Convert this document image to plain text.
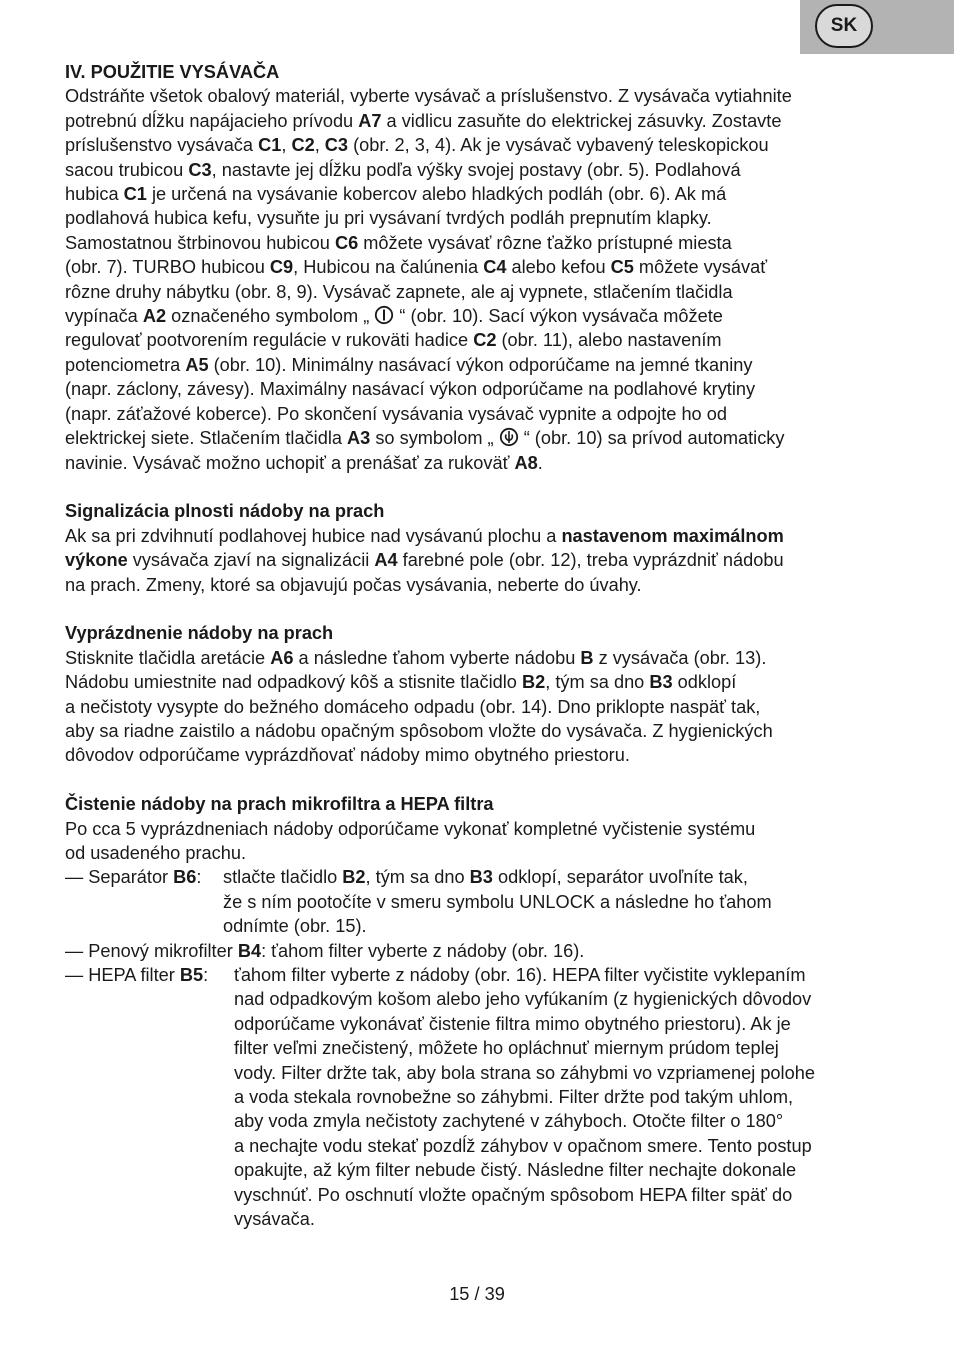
SK

IV. POUŽITIE VYSÁVAČA

Odstráňte všetok obalový materiál, vyberte vysávač a príslušenstvo. Z vysávača vytiahnite

potrebnú dĺžku napájacieho prívodu A7 a vidlicu zasuňte do elektrickej zásuvky. Zostavte

príslušenstvo vysávača C1, C2, C3 (obr. 2, 3, 4). Ak je vysávač vybavený teleskopickou

sacou trubicou C3, nastavte jej dĺžku podľa výšky svojej postavy (obr. 5). Podlahová

hubica C1 je určená na vysávanie kobercov alebo hladkých podláh (obr. 6). Ak má

podlahová hubica kefu, vysuňte ju pri vysávaní tvrdých podláh prepnutím klapky.

Samostatnou štrbinovou hubicou C6 môžete vysávať rôzne ťažko prístupné miesta

(obr. 7). TURBO hubicou C9, Hubicou na čalúnenia C4 alebo kefou C5 môžete vysávať

rôzne druhy nábytku (obr. 8, 9). Vysávač zapnete, ale aj vypnete, stlačením tlačidla

vypínača A2 označeného symbolom „  “ (obr. 10). Sací výkon vysávača môžete

regulovať pootvorením regulácie v rukoväti hadice C2 (obr. 11), alebo nastavením

potenciometra A5 (obr. 10). Minimálny nasávací výkon odporúčame na jemné tkaniny

(napr. záclony, závesy). Maximálny nasávací výkon odporúčame na podlahové krytiny

(napr. záťažové koberce). Po skončení vysávania vysávač vypnite a odpojte ho od

elektrickej siete. Stlačením tlačidla A3 so symbolom „  “ (obr. 10) sa prívod automaticky

navinie. Vysávač možno uchopiť a prenášať za rukoväť A8.

Signalizácia plnosti nádoby na prach

Ak sa pri zdvihnutí podlahovej hubice nad vysávanú plochu a nastavenom maximálnom

výkone vysávača zjaví na signalizácii A4 farebné pole (obr. 12), treba vyprázdniť nádobu

na prach. Zmeny, ktoré sa objavujú počas vysávania, neberte do úvahy.

Vyprázdnenie nádoby na prach

Stisknite tlačidla aretácie A6 a následne ťahom vyberte nádobu B z vysávača (obr. 13).

Nádobu umiestnite nad odpadkový kôš a stisnite tlačidlo B2, tým sa dno B3 odklopí

a nečistoty vysypte do bežného domáceho odpadu (obr. 14). Dno priklopte naspäť tak,

aby sa riadne zaistilo a nádobu opačným spôsobom vložte do vysávača. Z hygienických

dôvodov odporúčame vyprázdňovať nádoby mimo obytného priestoru.

Čistenie nádoby na prach mikrofiltra a HEPA filtra

Po cca 5 vyprázdneniach nádoby odporúčame vykonať kompletné vyčistenie systému

od usadeného prachu.

— Separátor B6: stlačte tlačidlo B2, tým sa dno B3 odklopí, separátor uvoľníte tak,

že s ním pootočíte v smeru symbolu UNLOCK a následne ho ťahom

odnímte (obr. 15).

— Penový mikrofilter B4: ťahom filter vyberte z nádoby (obr. 16).

— HEPA filter B5:	ťahom filter vyberte z nádoby (obr. 16). HEPA filter vyčistite vyklepaním

nad odpadkovým košom alebo jeho vyfúkaním (z hygienických dôvodov

odporúčame vykonávať čistenie filtra mimo obytného priestoru). Ak je

filter veľmi znečistený, môžete ho opláchnuť miernym prúdom teplej

vody. Filter držte tak, aby bola strana so záhybmi vo vzpriamenej polohe

a voda stekala rovnobežne so záhybmi. Filter držte pod takým uhlom,

aby voda zmyla nečistoty zachytené v záhyboch. Otočte filter o 180°

a nechajte vodu stekať pozdĺž záhybov v opačnom smere. Tento postup

opakujte, až kým filter nebude čistý. Následne filter nechajte dokonale

vyschnúť. Po oschnutí vložte opačným spôsobom HEPA filter späť do

vysávača.

15 / 39
